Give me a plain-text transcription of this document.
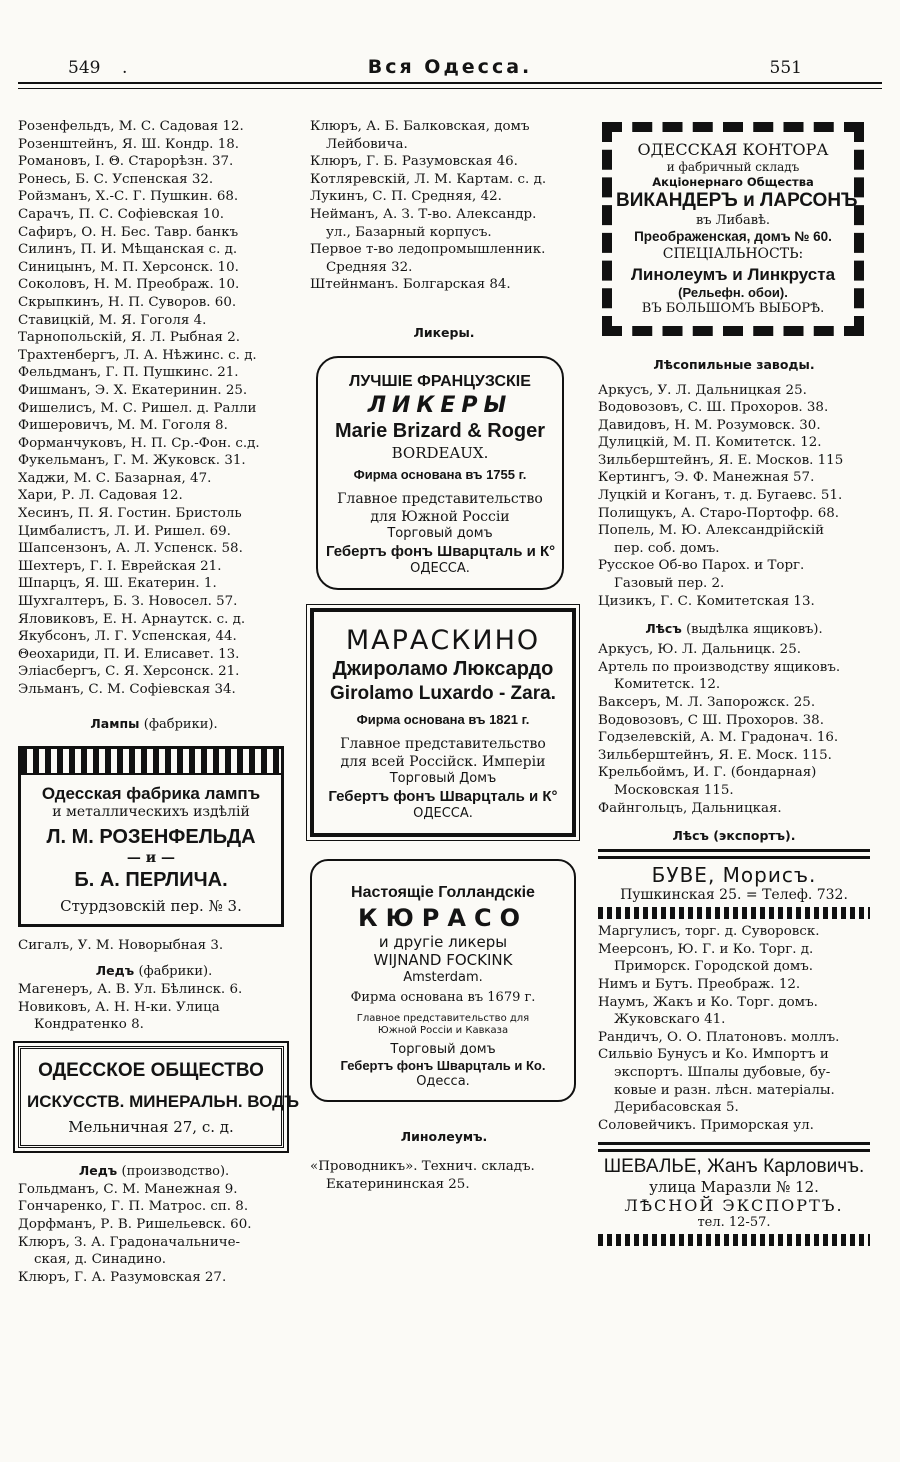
549 .	Вся Одесса.	551
Розенфельдъ, М. С. Садовая 12.
Розенштейнъ, Я. Ш. Кондр. 18.
Романовъ, І. Θ. Старорѣзн. 37.
Ронесь, Б. С. Успенская 32.
Ройзманъ, Х.-С. Г. Пушкин. 68.
Сарачъ, П. С. Софіевская 10.
Сафиръ, О. Н. Бес. Тавр. банкъ
Силинъ, П. И. Мѣщанская с. д.
Синицынъ, М. П. Херсонск. 10.
Соколовъ, Н. М. Преображ. 10.
Скрыпкинъ, Н. П. Суворов. 60.
Ставицкій, М. Я. Гоголя 4.
Тарнопольскій, Я. Л. Рыбная 2.
Трахтенбергъ, Л. А. Нѣжинс. с. д.
Фельдманъ, Г. П. Пушкинс. 21.
Фишманъ, Э. Х. Екатеринин. 25.
Фишелисъ, М. С. Ришел. д. Ралли
Фишеровичъ, М. М. Гоголя 8.
Форманчуковъ, Н. П. Ср.-Фон. с.д.
Фукельманъ, Г. М. Жуковск. 31.
Хаджи, М. С. Базарная, 47.
Хари, Р. Л. Садовая 12.
Хесинъ, П. Я. Гостин. Бристоль
Цимбалистъ, Л. И. Ришел. 69.
Шапсензонъ, А. Л. Успенск. 58.
Шехтеръ, Г. І. Еврейская 21.
Шпарцъ, Я. Ш. Екатерин. 1.
Шухгалтеръ, Б. З. Новосел. 57.
Яловиковъ, Е. Н. Арнаутск. с. д.
Якубсонъ, Л. Г. Успенская, 44.
Θеохариди, П. И. Елисавет. 13.
Эліасбергъ, С. Я. Херсонск. 21.
Эльманъ, С. М. Софіевская 34.
Лампы (фабрики).
Одесская фабрика лампъ
и металлическихъ издѣлій
Л. М. РОЗЕНФЕЛЬДА
— и —
Б. А. ПЕРЛИЧА.
Стурдзовскій пер. № 3.
Сигалъ, У. М. Новорыбная 3.
Ледъ (фабрики).
Магенеръ, А. В. Ул. Бѣлинск. 6.
Новиковъ, А. Н. Н-ки. Улица
Кондратенко 8.
ОДЕССКОЕ ОБЩЕСТВО
ИСКУССТВ. МИНЕРАЛЬН. ВОДЪ
Мельничная 27, с. д.
Ледъ (производство).
Гольдманъ, С. М. Манежная 9.
Гончаренко, Г. П. Матрос. сп. 8.
Дорфманъ, Р. В. Ришельевск. 60.
Клюръ, З. А. Градоначальниче-
ская, д. Синадино.
Клюръ, Г. А. Разумовская 27.
Клюръ, А. Б. Балковская, домъ
Лейбовича.
Клюръ, Г. Б. Разумовская 46.
Котляревскій, Л. М. Картам. с. д.
Лукинъ, С. П. Средняя, 42.
Нейманъ, А. З. Т-во. Александр.
ул., Базарный корпусъ.
Первое т-во ледопромышленник.
Средняя 32.
Штейнманъ. Болгарская 84.
Ликеры.
ЛУЧШІЕ ФРАНЦУЗСКІЕ
ЛИКЕРЫ
Marie Brizard & Roger
BORDEAUX.
Фирма основана въ 1755 г.
Главное представительство
для Южной Россіи
Торговый домъ
Гебертъ фонъ Шварцталь и К°
ОДЕССА.
МАРАСКИНО
Джироламо Люксардо
Girolamo Luxardo - Zara.
Фирма основана въ 1821 г.
Главное представительство
для всей Россійск. Имперіи
Торговый Домъ
Гебертъ фонъ Шварцталь и К°
ОДЕССА.
Настоящіе Голландскіе
КЮРАСО
и другіе ликеры
WIJNAND FOCKINK
Amsterdam.
Фирма основана въ 1679 г.
Главное представительство для
Южной Россіи и Кавказа
Торговый домъ
Гебертъ фонъ Шварцталь и Ко.
Одесса.
Линолеумъ.
«Проводникъ». Технич. складъ.
Екатерининская 25.
ОДЕССКАЯ КОНТОРА
и фабричный складъ
Акціонернаго Общества
ВИКАНДЕРЪ и ЛАРСОНЪ
въ Либавѣ.
Преображенская, домъ № 60.
СПЕЦІАЛЬНОСТЬ:
Линолеумъ и Линкруста
(Рельефн. обои).
ВЪ БОЛЬШОМЪ ВЫБОРѢ.
Лѣсопильные заводы.
Аркусъ, У. Л. Дальницкая 25.
Водовозовъ, С. Ш. Прохоров. 38.
Давидовъ, Н. М. Розумовск. 30.
Дулицкій, М. П. Комитетск. 12.
Зильберштейнъ, Я. Е. Москов. 115
Кертингъ, Э. Ф. Манежная 57.
Луцкій и Коганъ, т. д. Бугаевс. 51.
Полищукъ, А. Старо-Портофр. 68.
Попель, М. Ю. Александрійскій
пер. соб. домъ.
Русское Об-во Парох. и Торг.
Газовый пер. 2.
Цизикъ, Г. С. Комитетская 13.
Лѣсъ (выдѣлка ящиковъ).
Аркусъ, Ю. Л. Дальницк. 25.
Артель по производству ящиковъ.
Комитетск. 12.
Ваксеръ, М. Л. Запорожск. 25.
Водовозовъ, С Ш. Прохоров. 38.
Годзелевскій, А. М. Градонач. 16.
Зильберштейнъ, Я. Е. Моск. 115.
Крельбоймъ, И. Г. (бондарная)
Московская 115.
Файнгольцъ, Дальницкая.
Лѣсъ (экспортъ).
БУВЕ, Морисъ.
Пушкинская 25. = Телеф. 732.
Маргулисъ, торг. д. Суворовск.
Меерсонъ, Ю. Г. и Ко. Торг. д.
Приморск. Городской домъ.
Нимъ и Бутъ. Преображ. 12.
Наумъ, Жакъ и Ко. Торг. домъ.
Жуковскаго 41.
Рандичъ, О. О. Платоновъ. моллъ.
Сильвіо Бунусъ и Ко. Импортъ и
экспортъ. Шпалы дубовые, бу-
ковые и разн. лѣсн. матеріалы.
Дерибасовская 5.
Соловейчикъ. Приморская ул.
ШЕВАЛЬЕ, Жанъ Карловичъ.
улица Маразли № 12.
ЛѢСНОЙ ЭКСПОРТЪ.
тел. 12-57.
